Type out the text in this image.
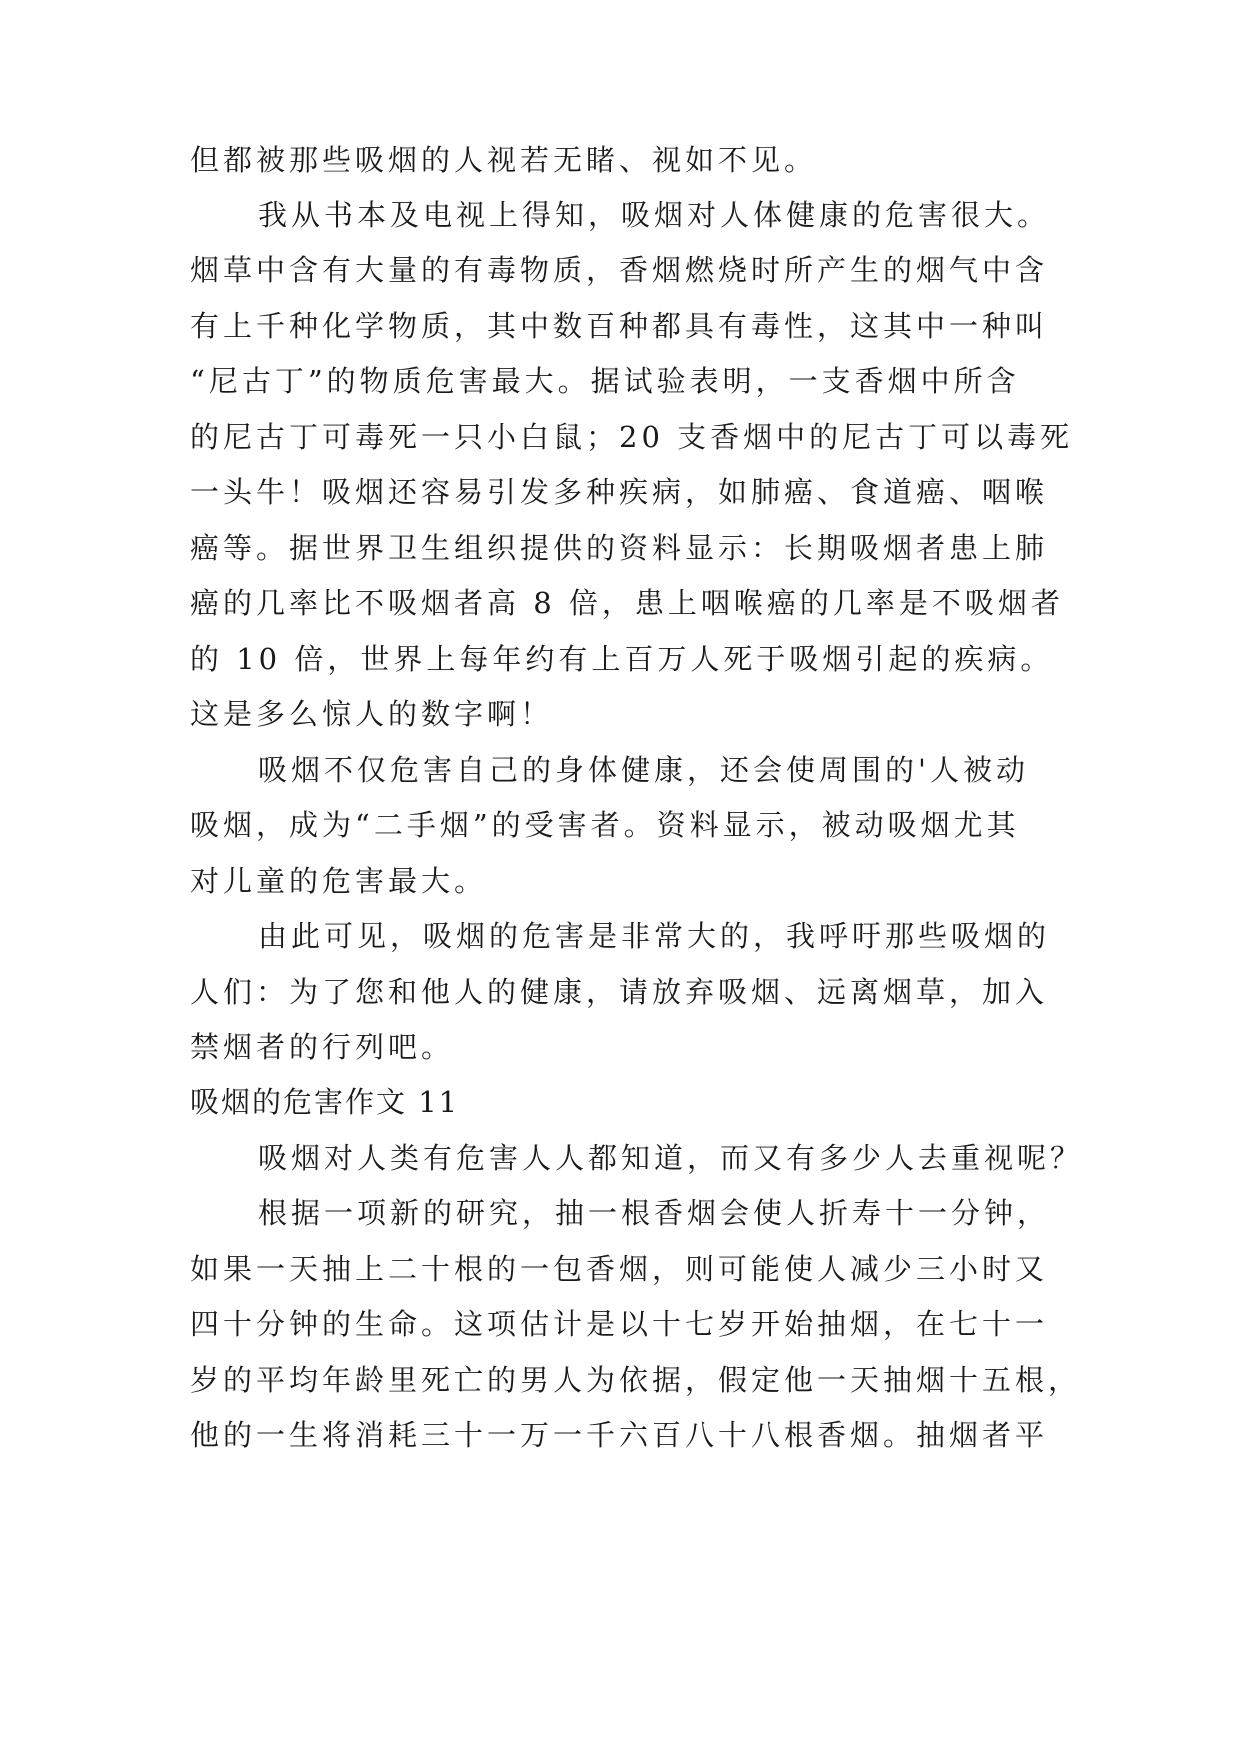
但都被那些吸烟的人视若无睹、视如不见。
我从书本及电视上得知，吸烟对人体健康的危害很大。
烟草中含有大量的有毒物质，香烟燃烧时所产生的烟气中含
有上千种化学物质，其中数百种都具有毒性，这其中一种叫
“尼古丁”的物质危害最大。据试验表明，一支香烟中所含
的尼古丁可毒死一只小白鼠；20 支香烟中的尼古丁可以毒死
一头牛！吸烟还容易引发多种疾病，如肺癌、食道癌、咽喉
癌等。据世界卫生组织提供的资料显示：长期吸烟者患上肺
癌的几率比不吸烟者高 8 倍，患上咽喉癌的几率是不吸烟者
的 10 倍，世界上每年约有上百万人死于吸烟引起的疾病。
这是多么惊人的数字啊！
吸烟不仅危害自己的身体健康，还会使周围的'人被动
吸烟，成为“二手烟”的受害者。资料显示，被动吸烟尤其
对儿童的危害最大。
由此可见，吸烟的危害是非常大的，我呼吁那些吸烟的
人们：为了您和他人的健康，请放弃吸烟、远离烟草，加入
禁烟者的行列吧。
吸烟的危害作文 11
吸烟对人类有危害人人都知道，而又有多少人去重视呢？
根据一项新的研究，抽一根香烟会使人折寿十一分钟，
如果一天抽上二十根的一包香烟，则可能使人减少三小时又
四十分钟的生命。这项估计是以十七岁开始抽烟，在七十一
岁的平均年龄里死亡的男人为依据，假定他一天抽烟十五根，
他的一生将消耗三十一万一千六百八十八根香烟。抽烟者平
